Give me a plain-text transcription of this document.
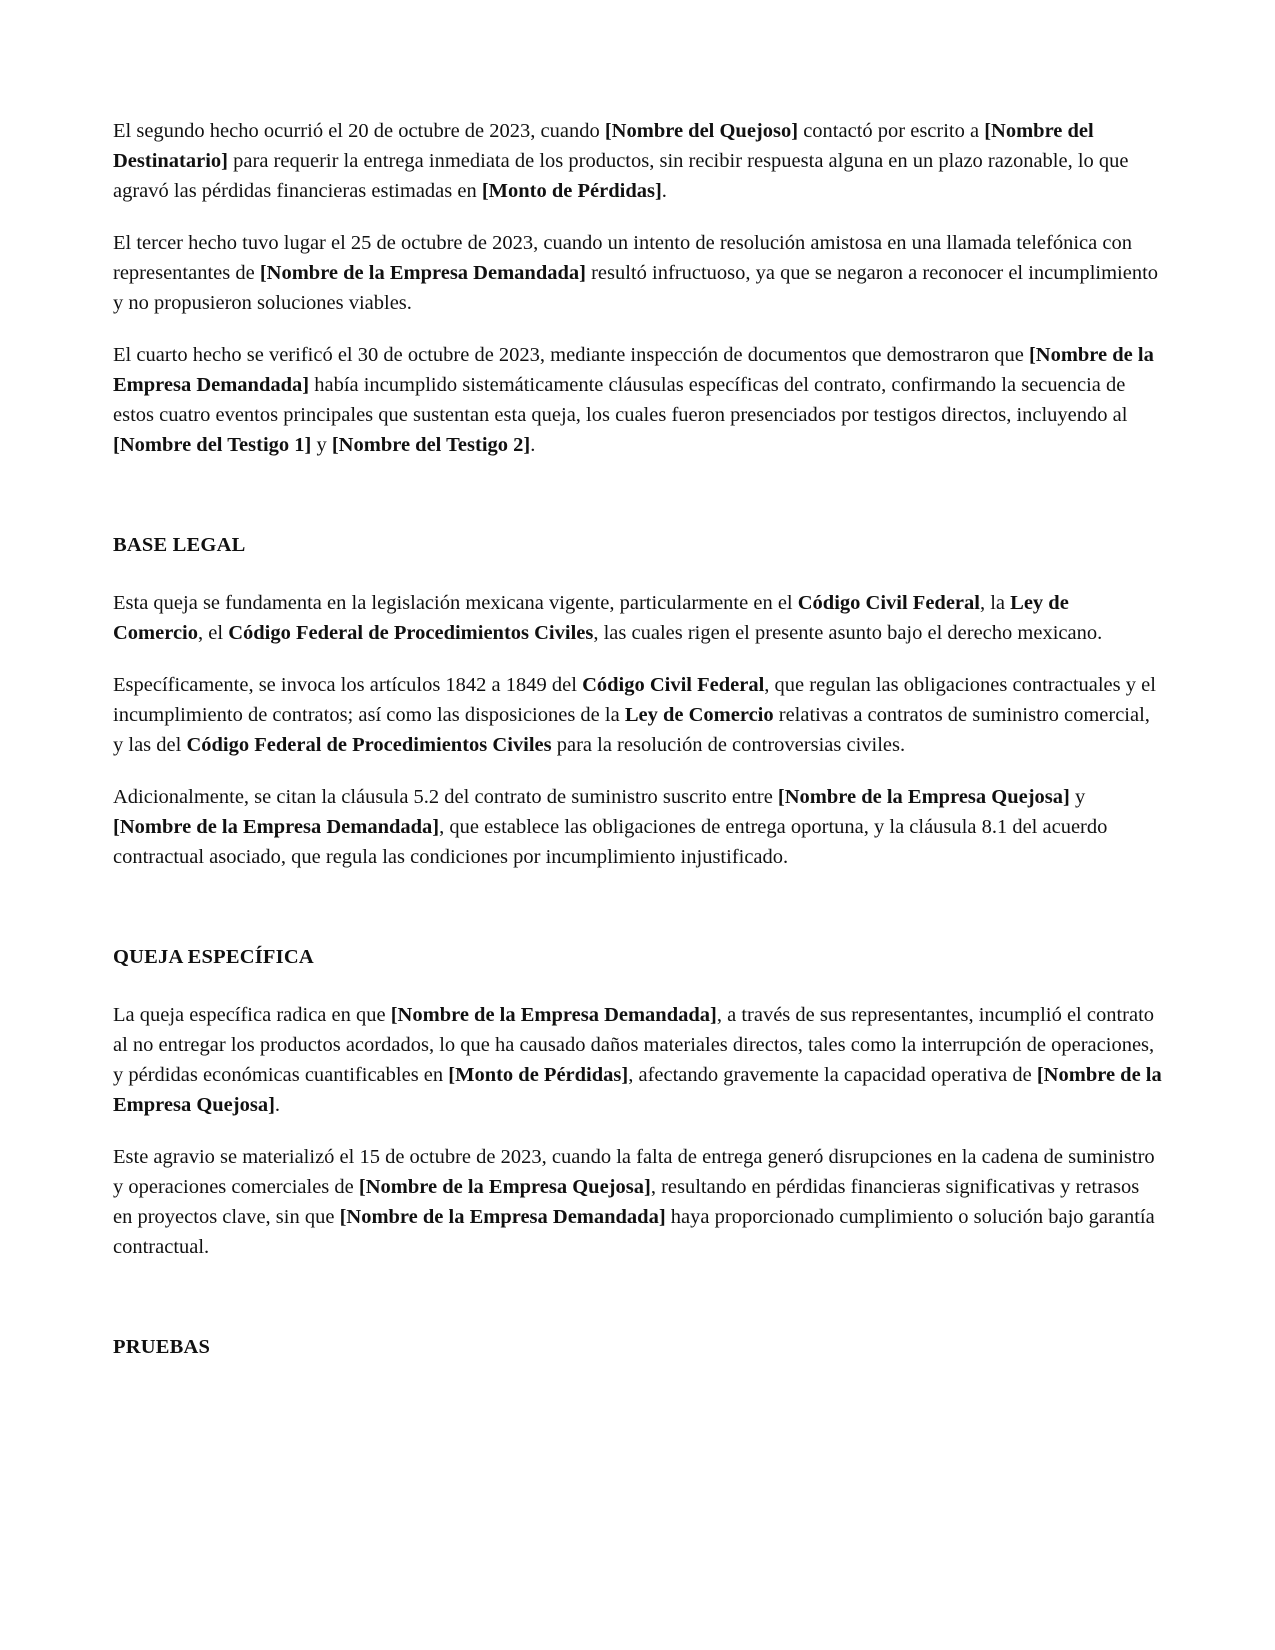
El segundo hecho ocurrió el 20 de octubre de 2023, cuando [Nombre del Quejoso] contactó por escrito a [Nombre del Destinatario] para requerir la entrega inmediata de los productos, sin recibir respuesta alguna en un plazo razonable, lo que agravó las pérdidas financieras estimadas en [Monto de Pérdidas].

El tercer hecho tuvo lugar el 25 de octubre de 2023, cuando un intento de resolución amistosa en una llamada telefónica con representantes de [Nombre de la Empresa Demandada] resultó infructuoso, ya que se negaron a reconocer el incumplimiento y no propusieron soluciones viables.

El cuarto hecho se verificó el 30 de octubre de 2023, mediante inspección de documentos que demostraron que [Nombre de la Empresa Demandada] había incumplido sistemáticamente cláusulas específicas del contrato, confirmando la secuencia de estos cuatro eventos principales que sustentan esta queja, los cuales fueron presenciados por testigos directos, incluyendo al [Nombre del Testigo 1] y [Nombre del Testigo 2].

BASE LEGAL

Esta queja se fundamenta en la legislación mexicana vigente, particularmente en el Código Civil Federal, la Ley de Comercio, el Código Federal de Procedimientos Civiles, las cuales rigen el presente asunto bajo el derecho mexicano.

Específicamente, se invoca los artículos 1842 a 1849 del Código Civil Federal, que regulan las obligaciones contractuales y el incumplimiento de contratos; así como las disposiciones de la Ley de Comercio relativas a contratos de suministro comercial, y las del Código Federal de Procedimientos Civiles para la resolución de controversias civiles.

Adicionalmente, se citan la cláusula 5.2 del contrato de suministro suscrito entre [Nombre de la Empresa Quejosa] y [Nombre de la Empresa Demandada], que establece las obligaciones de entrega oportuna, y la cláusula 8.1 del acuerdo contractual asociado, que regula las condiciones por incumplimiento injustificado.

QUEJA ESPECÍFICA

La queja específica radica en que [Nombre de la Empresa Demandada], a través de sus representantes, incumplió el contrato al no entregar los productos acordados, lo que ha causado daños materiales directos, tales como la interrupción de operaciones, y pérdidas económicas cuantificables en [Monto de Pérdidas], afectando gravemente la capacidad operativa de [Nombre de la Empresa Quejosa].

Este agravio se materializó el 15 de octubre de 2023, cuando la falta de entrega generó disrupciones en la cadena de suministro y operaciones comerciales de [Nombre de la Empresa Quejosa], resultando en pérdidas financieras significativas y retrasos en proyectos clave, sin que [Nombre de la Empresa Demandada] haya proporcionado cumplimiento o solución bajo garantía contractual.

PRUEBAS
